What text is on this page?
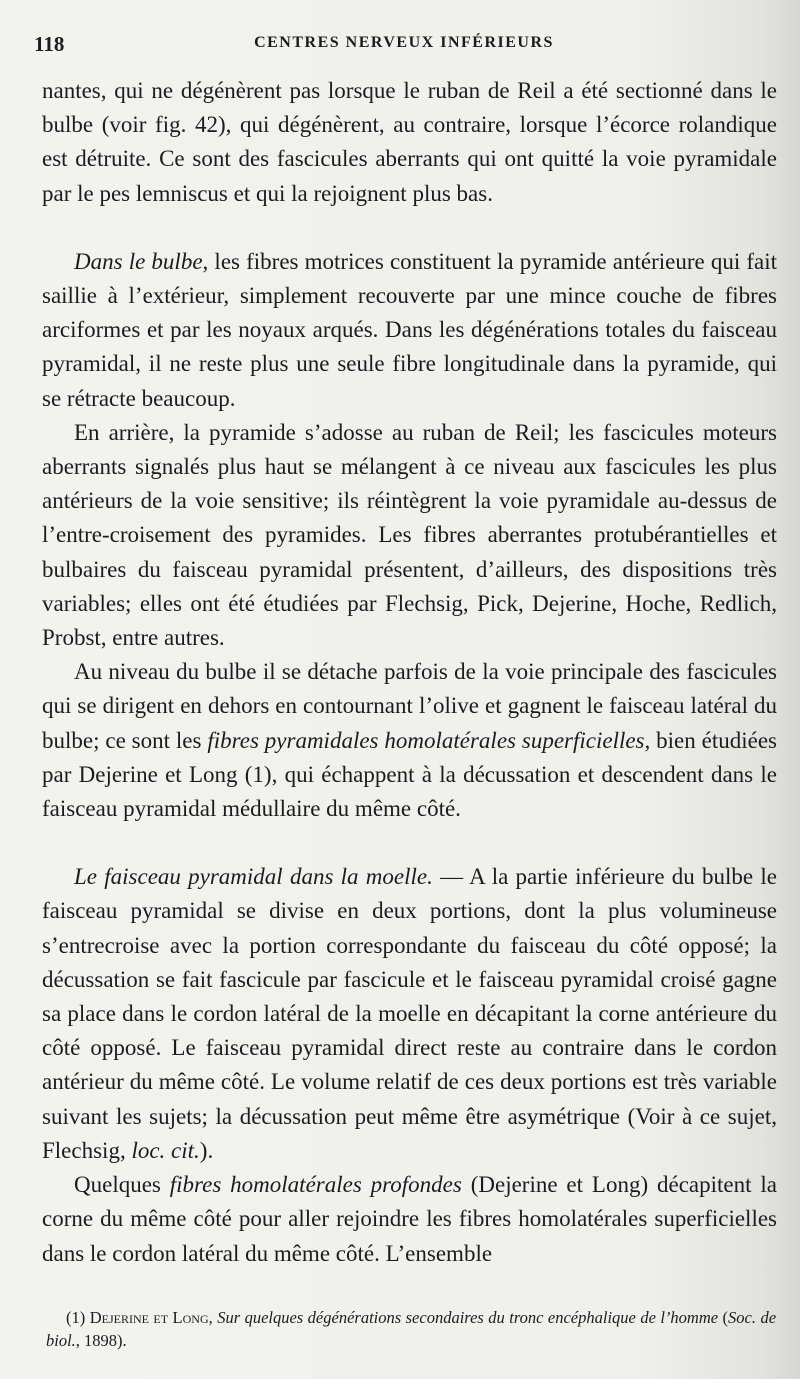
118	CENTRES NERVEUX INFÉRIEURS

nantes, qui ne dégénèrent pas lorsque le ruban de Reil a été sectionné dans le bulbe (voir fig. 42), qui dégénèrent, au contraire, lorsque l’écorce rolandique est détruite. Ce sont des fascicules aberrants qui ont quitté la voie pyramidale par le pes lemniscus et qui la rejoignent plus bas.

Dans le bulbe, les fibres motrices constituent la pyramide antérieure qui fait saillie à l’extérieur, simplement recouverte par une mince couche de fibres arciformes et par les noyaux arqués. Dans les dégénérations totales du faisceau pyramidal, il ne reste plus une seule fibre longitudinale dans la pyramide, qui se rétracte beaucoup.

En arrière, la pyramide s’adosse au ruban de Reil; les fascicules moteurs aberrants signalés plus haut se mélangent à ce niveau aux fascicules les plus antérieurs de la voie sensitive; ils réintègrent la voie pyramidale au-dessus de l’entre-croisement des pyramides. Les fibres aberrantes protubérantielles et bulbaires du faisceau pyramidal présentent, d’ailleurs, des dispositions très variables; elles ont été étudiées par Flechsig, Pick, Dejerine, Hoche, Redlich, Probst, entre autres.

Au niveau du bulbe il se détache parfois de la voie principale des fascicules qui se dirigent en dehors en contournant l’olive et gagnent le faisceau latéral du bulbe; ce sont les fibres pyramidales homolatérales superficielles, bien étudiées par Dejerine et Long (1), qui échappent à la décussation et descendent dans le faisceau pyramidal médullaire du même côté.

Le faisceau pyramidal dans la moelle. — A la partie inférieure du bulbe le faisceau pyramidal se divise en deux portions, dont la plus volumineuse s’entrecroise avec la portion correspondante du faisceau du côté opposé; la décussation se fait fascicule par fascicule et le faisceau pyramidal croisé gagne sa place dans le cordon latéral de la moelle en décapitant la corne antérieure du côté opposé. Le faisceau pyramidal direct reste au contraire dans le cordon antérieur du même côté. Le volume relatif de ces deux portions est très variable suivant les sujets; la décussation peut même être asymétrique (Voir à ce sujet, Flechsig, loc. cit.).

Quelques fibres homolatérales profondes (Dejerine et Long) décapitent la corne du même côté pour aller rejoindre les fibres homolatérales superficielles dans le cordon latéral du même côté. L’ensemble

(1) Dejerine et Long, Sur quelques dégénérations secondaires du tronc encéphalique de l’homme (Soc. de biol., 1898).
